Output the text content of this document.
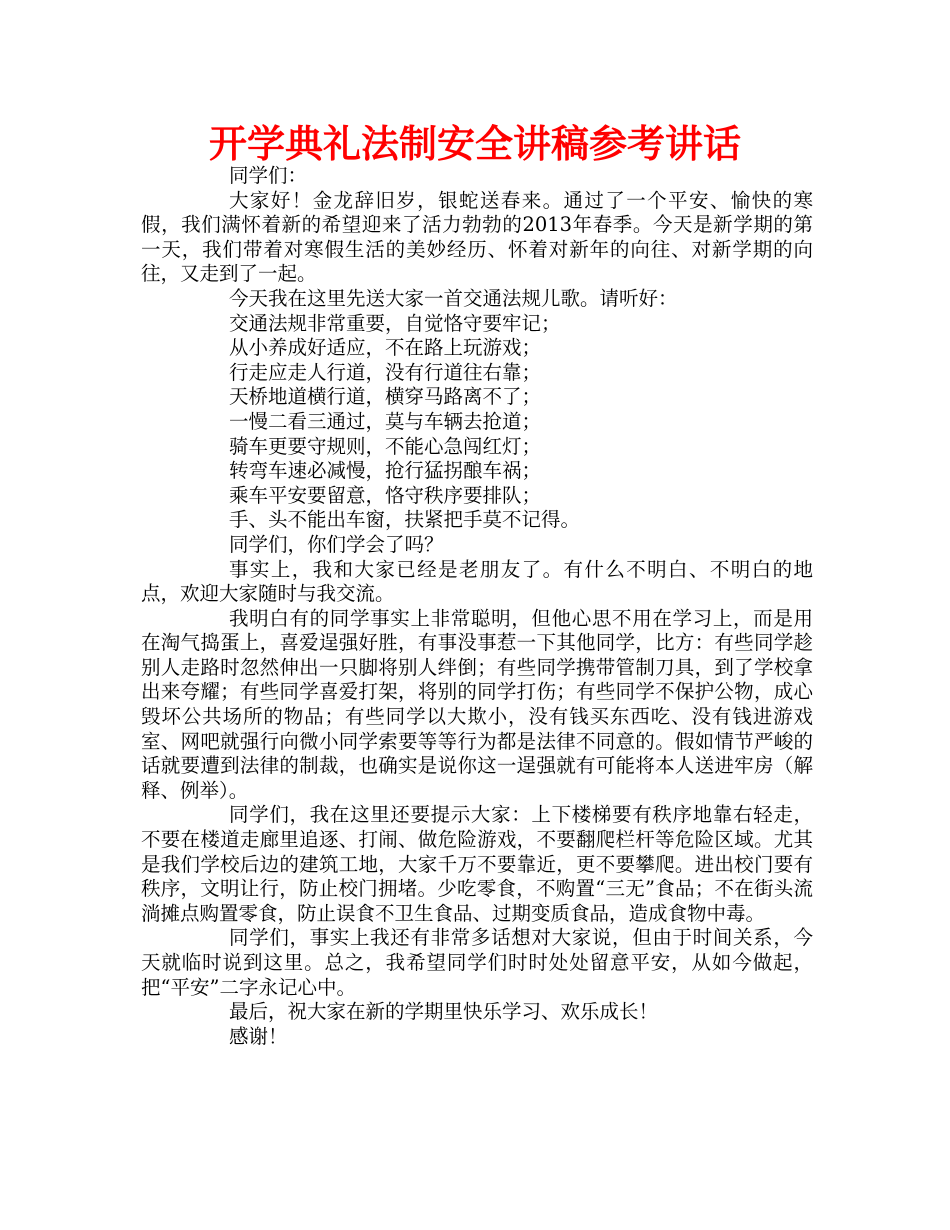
开学典礼法制安全讲稿参考讲话

同学们：

大家好！金龙辞旧岁，银蛇送春来。通过了一个平安、愉快的寒假，我们满怀着新的希望迎来了活力勃勃的2013年春季。今天是新学期的第一天，我们带着对寒假生活的美妙经历、怀着对新年的向往、对新学期的向往，又走到了一起。

今天我在这里先送大家一首交通法规儿歌。请听好：

交通法规非常重要，自觉恪守要牢记；

从小养成好适应，不在路上玩游戏；

行走应走人行道，没有行道往右靠；

天桥地道横行道，横穿马路离不了；

一慢二看三通过，莫与车辆去抢道；

骑车更要守规则，不能心急闯红灯；

转弯车速必减慢，抢行猛拐酿车祸；

乘车平安要留意，恪守秩序要排队；

手、头不能出车窗，扶紧把手莫不记得。

同学们，你们学会了吗？

事实上，我和大家已经是老朋友了。有什么不明白、不明白的地点，欢迎大家随时与我交流。

我明白有的同学事实上非常聪明，但他心思不用在学习上，而是用在淘气捣蛋上，喜爱逞强好胜，有事没事惹一下其他同学，比方：有些同学趁别人走路时忽然伸出一只脚将别人绊倒；有些同学携带管制刀具，到了学校拿出来夸耀；有些同学喜爱打架，将别的同学打伤；有些同学不保护公物，成心毁坏公共场所的物品；有些同学以大欺小，没有钱买东西吃、没有钱进游戏室、网吧就强行向微小同学索要等等行为都是法律不同意的。假如情节严峻的话就要遭到法律的制裁，也确实是说你这一逞强就有可能将本人送进牢房（解释、例举）。

同学们，我在这里还要提示大家：上下楼梯要有秩序地靠右轻走，不要在楼道走廊里追逐、打闹、做危险游戏，不要翻爬栏杆等危险区域。尤其是我们学校后边的建筑工地，大家千万不要靠近，更不要攀爬。进出校门要有秩序，文明让行，防止校门拥堵。少吃零食，不购置“三无”食品；不在街头流淌摊点购置零食，防止误食不卫生食品、过期变质食品，造成食物中毒。

同学们，事实上我还有非常多话想对大家说，但由于时间关系，今天就临时说到这里。总之，我希望同学们时时处处留意平安，从如今做起，把“平安”二字永记心中。

最后，祝大家在新的学期里快乐学习、欢乐成长！

感谢！
